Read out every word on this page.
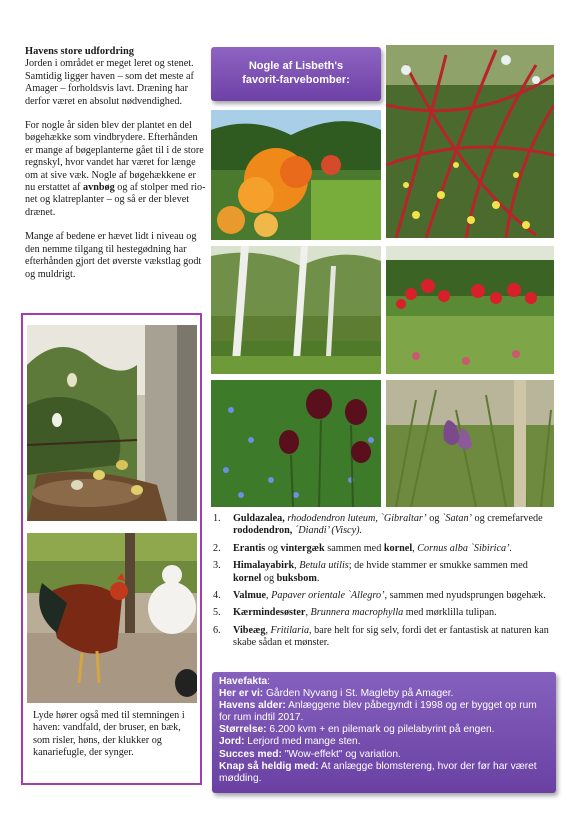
Havens store udfordring

Jorden i området er meget leret og stenet. Samtidig ligger haven – som det meste af Amager – forholdsvis lavt. Dræning har derfor været en absolut nødvendighed.

For nogle år siden blev der plantet en del bøgehække som vindbrydere. Efterhånden er mange af bøgeplanterne gået til i de store regnskyl, hvor vandet har været for længe om at sive væk. Nogle af bøgehækkene er nu erstattet af avnbøg og af stolper med rio-net og klatreplanter – og så er der blevet drænet.

Mange af bedene er hævet lidt i niveau og den nemme tilgang til hestegødning har efterhånden gjort det øverste vækstlag godt og muldrigt.

Lyde hører også med til stemningen i haven: vandfald, der bruser, en bæk, som risler, høns, der klukker og kanariefugle, der synger.

Nogle af Lisbeth's
favorit-farvebomber:
1. Guldazalea, rhododendron luteum, `Gibraltar’ og `Satan’ og cremefarvede rododendron, ´Diandi’ (Viscy).
2. Erantis og vintergæk sammen med kornel, Cornus alba `Sibirica’.
3. Himalayabirk, Betula utilis; de hvide stammer er smukke sammen med kornel og buksbom.
4. Valmue, Papaver orientale `Allegro’, sammen med nyudsprungen bøgehæk.
5. Kærmindesøster, Brunnera macrophylla med mørklilla tulipan.
6. Vibeæg, Fritilaria, bare helt for sig selv, fordi det er fantastisk at naturen kan skabe sådan et mønster.
Havefakta:
Her er vi: Gården Nyvang i St. Magleby på Amager.
Havens alder: Anlæggene blev påbegyndt i 1998 og er bygget op rum for rum indtil 2017.
Størrelse: 6.200 kvm + en pilemark og pilelabyrint på engen.
Jord: Lerjord med mange sten.
Succes med: "Wow-effekt" og variation.
Knap så heldig med: At anlægge blomstereng, hvor der før har været mødding.
